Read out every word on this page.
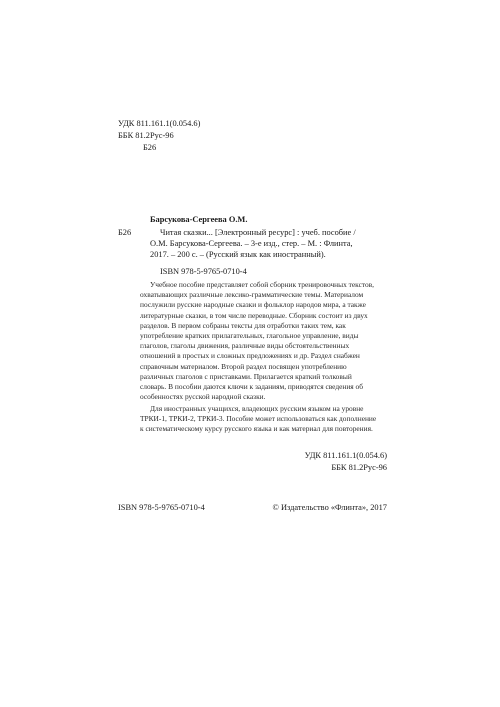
УДК 811.161.1(0.054.6)
ББК 81.2Рус-96
Б26
Б26
Барсукова-Сергеева О.М.
Читая сказки... [Электронный ресурс] : учеб. пособие /
О.М. Барсукова-Сергеева. – 3-е изд., стер. – М. : Флинта,
2017. – 200 с. – (Русский язык как иностранный).
ISBN 978-5-9765-0710-4
Учебное пособие представляет собой сборник тренировочных текстов,
охватывающих различные лексико-грамматические темы. Материалом
послужили русские народные сказки и фольклор народов мира, а также
литературные сказки, в том числе переводные. Сборник состоит из двух
разделов. В первом собраны тексты для отработки таких тем, как
употребление кратких прилагательных, глагольное управление, виды
глаголов, глаголы движения, различные виды обстоятельственных
отношений в простых и сложных предложениях и др. Раздел снабжен
справочным материалом. Второй раздел посвящен употреблению
различных глаголов с приставками. Прилагается краткий толковый
словарь. В пособии даются ключи к заданиям, приводятся сведения об
особенностях русской народной сказки.
Для иностранных учащихся, владеющих русским языком на уровне
ТРКИ-1, ТРКИ-2, ТРКИ-3. Пособие может использоваться как дополнение
к систематическому курсу русского языка и как материал для повторения.
УДК 811.161.1(0.054.6)
ББК 81.2Рус-96
ISBN 978-5-9765-0710-4	© Издательство «Флинта», 2017
